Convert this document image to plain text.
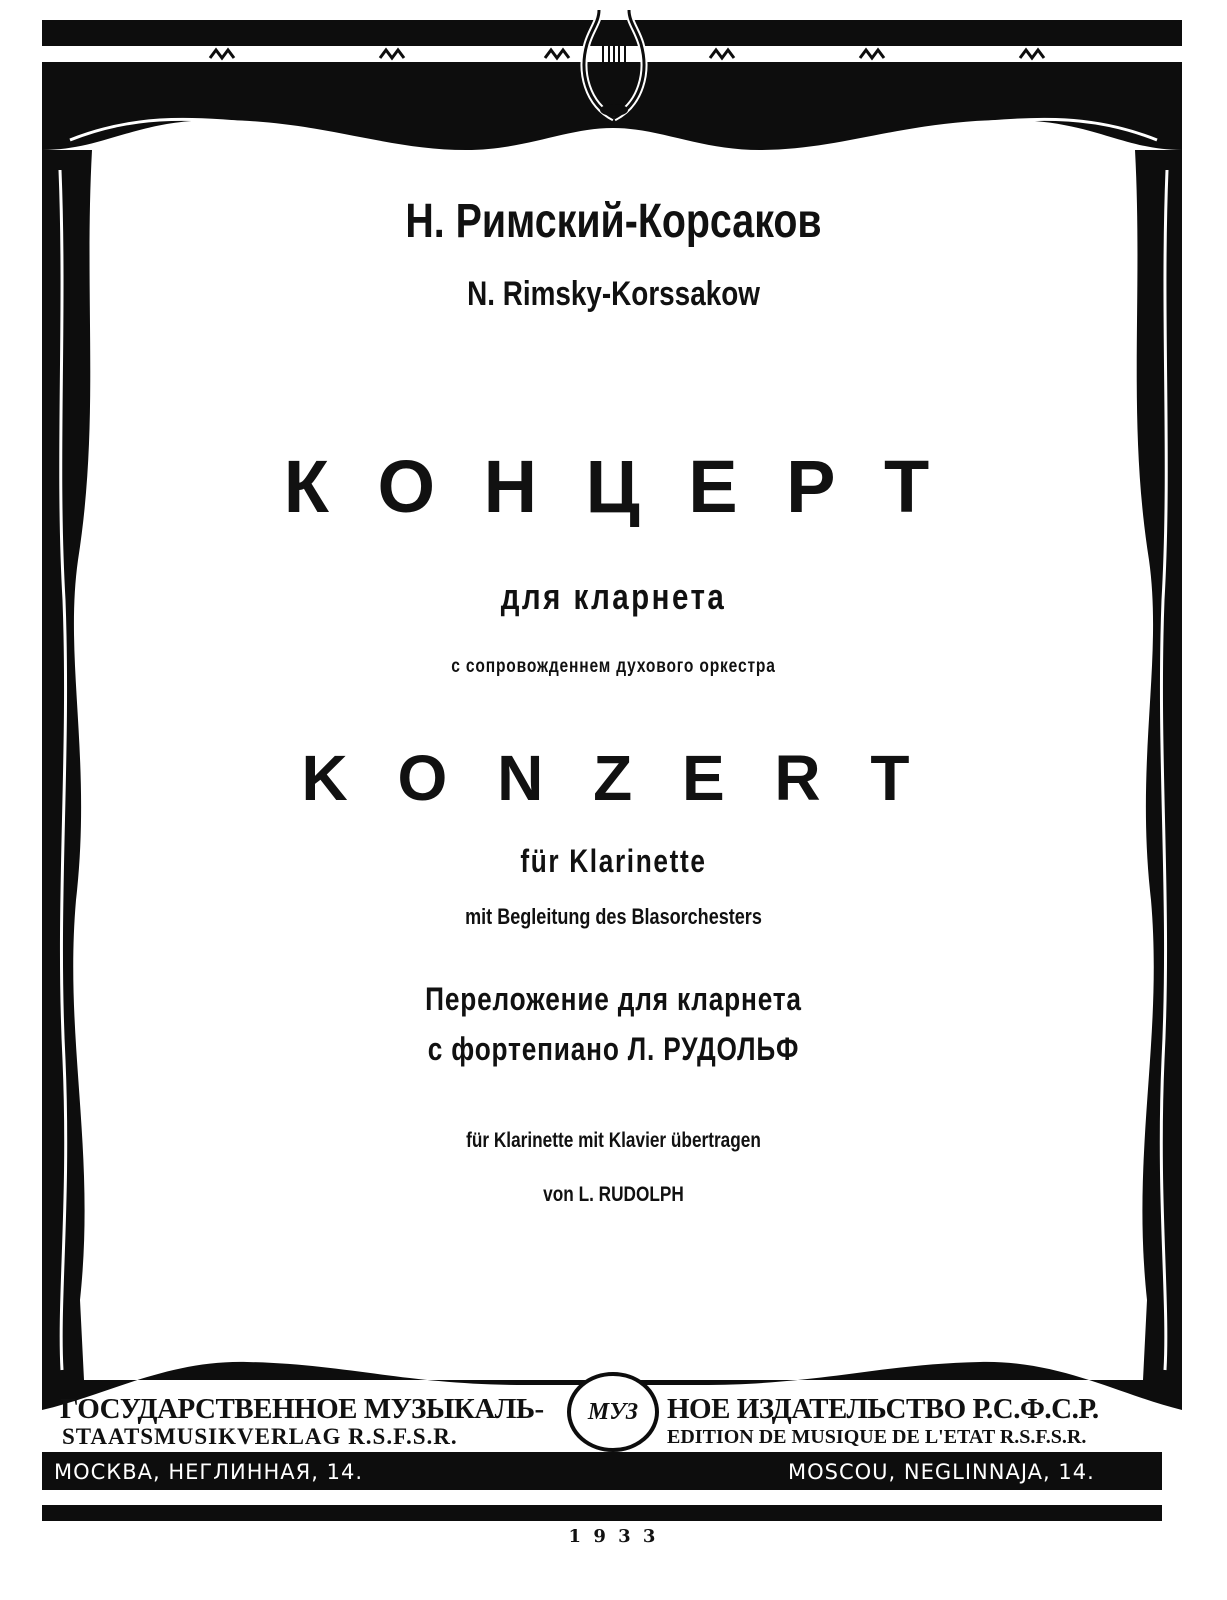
Н. Римский-Корсаков
N. Rimsky-Korssakow
К О Н Ц Е Р Т
для кларнета
с сопровожденнем духового оркестра
K O N Z E R T
für Klarinette
mit Begleitung des Blasorchesters
Переложение для кларнета
с фортепиано Л. РУДОЛЬФ
für Klarinette mit Klavier übertragen
von L. RUDOLPH
ГОСУДАРСТВЕННОЕ МУЗЫКАЛЬ-	НОЕ ИЗДАТЕЛЬСТВО Р.С.Ф.С.Р.
STAATSMUSIKVERLAG R.S.F.S.R.	EDITION DE MUSIQUE DE L'ETAT R.S.F.S.R.
МУЗ
МОСКВА, НЕГЛИННАЯ, 14.	MOSCOU, NEGLINNAJA, 14.
1 9 3 3
